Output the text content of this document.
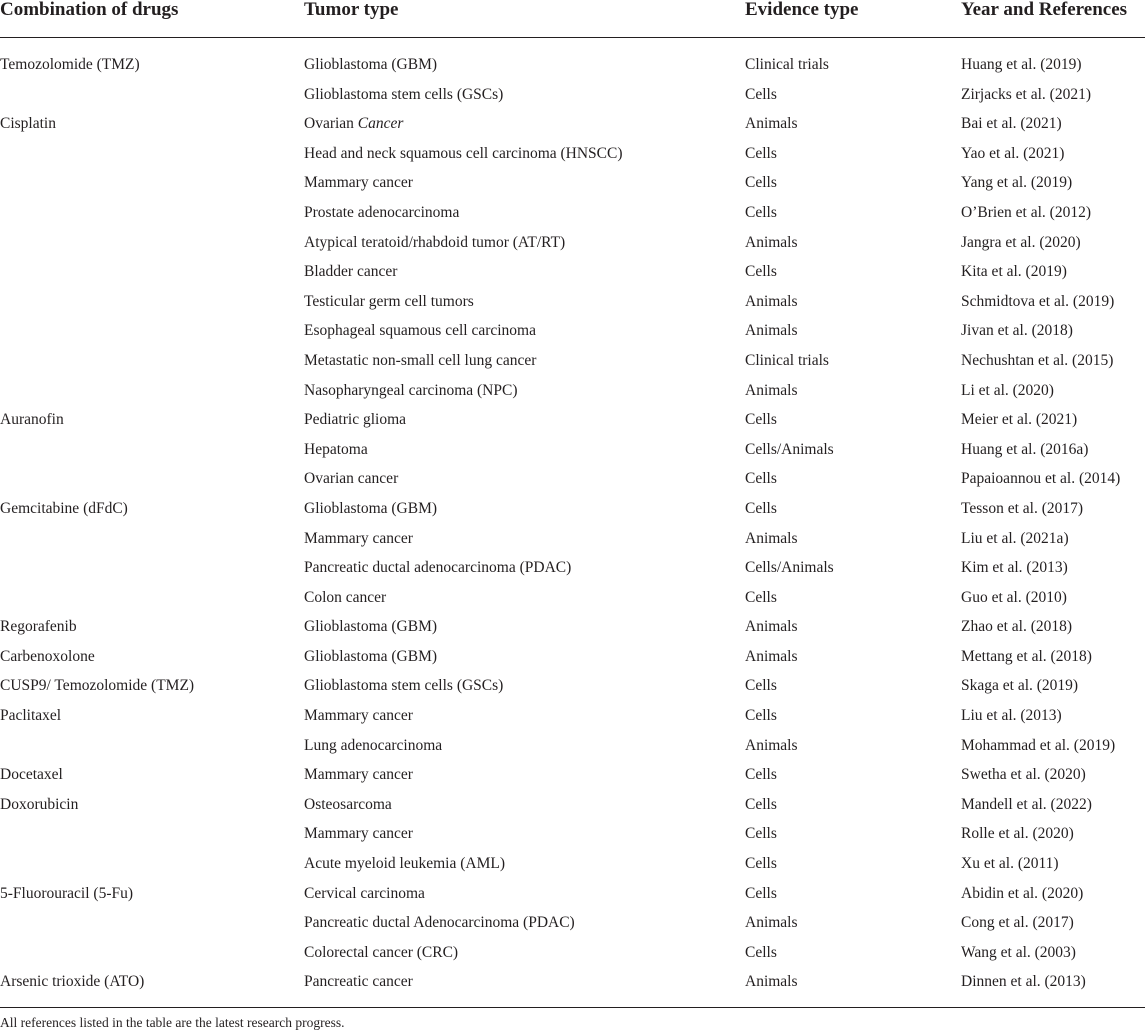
Combination of drugs	Tumor type	Evidence type	Year and References
Temozolomide (TMZ)	Glioblastoma (GBM)	Clinical trials	Huang et al. (2019)
	Glioblastoma stem cells (GSCs)	Cells	Zirjacks et al. (2021)
Cisplatin	Ovarian Cancer	Animals	Bai et al. (2021)
	Head and neck squamous cell carcinoma (HNSCC)	Cells	Yao et al. (2021)
	Mammary cancer	Cells	Yang et al. (2019)
	Prostate adenocarcinoma	Cells	O’Brien et al. (2012)
	Atypical teratoid/rhabdoid tumor (AT/RT)	Animals	Jangra et al. (2020)
	Bladder cancer	Cells	Kita et al. (2019)
	Testicular germ cell tumors	Animals	Schmidtova et al. (2019)
	Esophageal squamous cell carcinoma	Animals	Jivan et al. (2018)
	Metastatic non-small cell lung cancer	Clinical trials	Nechushtan et al. (2015)
	Nasopharyngeal carcinoma (NPC)	Animals	Li et al. (2020)
Auranofin	Pediatric glioma	Cells	Meier et al. (2021)
	Hepatoma	Cells/Animals	Huang et al. (2016a)
	Ovarian cancer	Cells	Papaioannou et al. (2014)
Gemcitabine (dFdC)	Glioblastoma (GBM)	Cells	Tesson et al. (2017)
	Mammary cancer	Animals	Liu et al. (2021a)
	Pancreatic ductal adenocarcinoma (PDAC)	Cells/Animals	Kim et al. (2013)
	Colon cancer	Cells	Guo et al. (2010)
Regorafenib	Glioblastoma (GBM)	Animals	Zhao et al. (2018)
Carbenoxolone	Glioblastoma (GBM)	Animals	Mettang et al. (2018)
CUSP9/ Temozolomide (TMZ)	Glioblastoma stem cells (GSCs)	Cells	Skaga et al. (2019)
Paclitaxel	Mammary cancer	Cells	Liu et al. (2013)
	Lung adenocarcinoma	Animals	Mohammad et al. (2019)
Docetaxel	Mammary cancer	Cells	Swetha et al. (2020)
Doxorubicin	Osteosarcoma	Cells	Mandell et al. (2022)
	Mammary cancer	Cells	Rolle et al. (2020)
	Acute myeloid leukemia (AML)	Cells	Xu et al. (2011)
5-Fluorouracil (5-Fu)	Cervical carcinoma	Cells	Abidin et al. (2020)
	Pancreatic ductal Adenocarcinoma (PDAC)	Animals	Cong et al. (2017)
	Colorectal cancer (CRC)	Cells	Wang et al. (2003)
Arsenic trioxide (ATO)	Pancreatic cancer	Animals	Dinnen et al. (2013)
All references listed in the table are the latest research progress.
